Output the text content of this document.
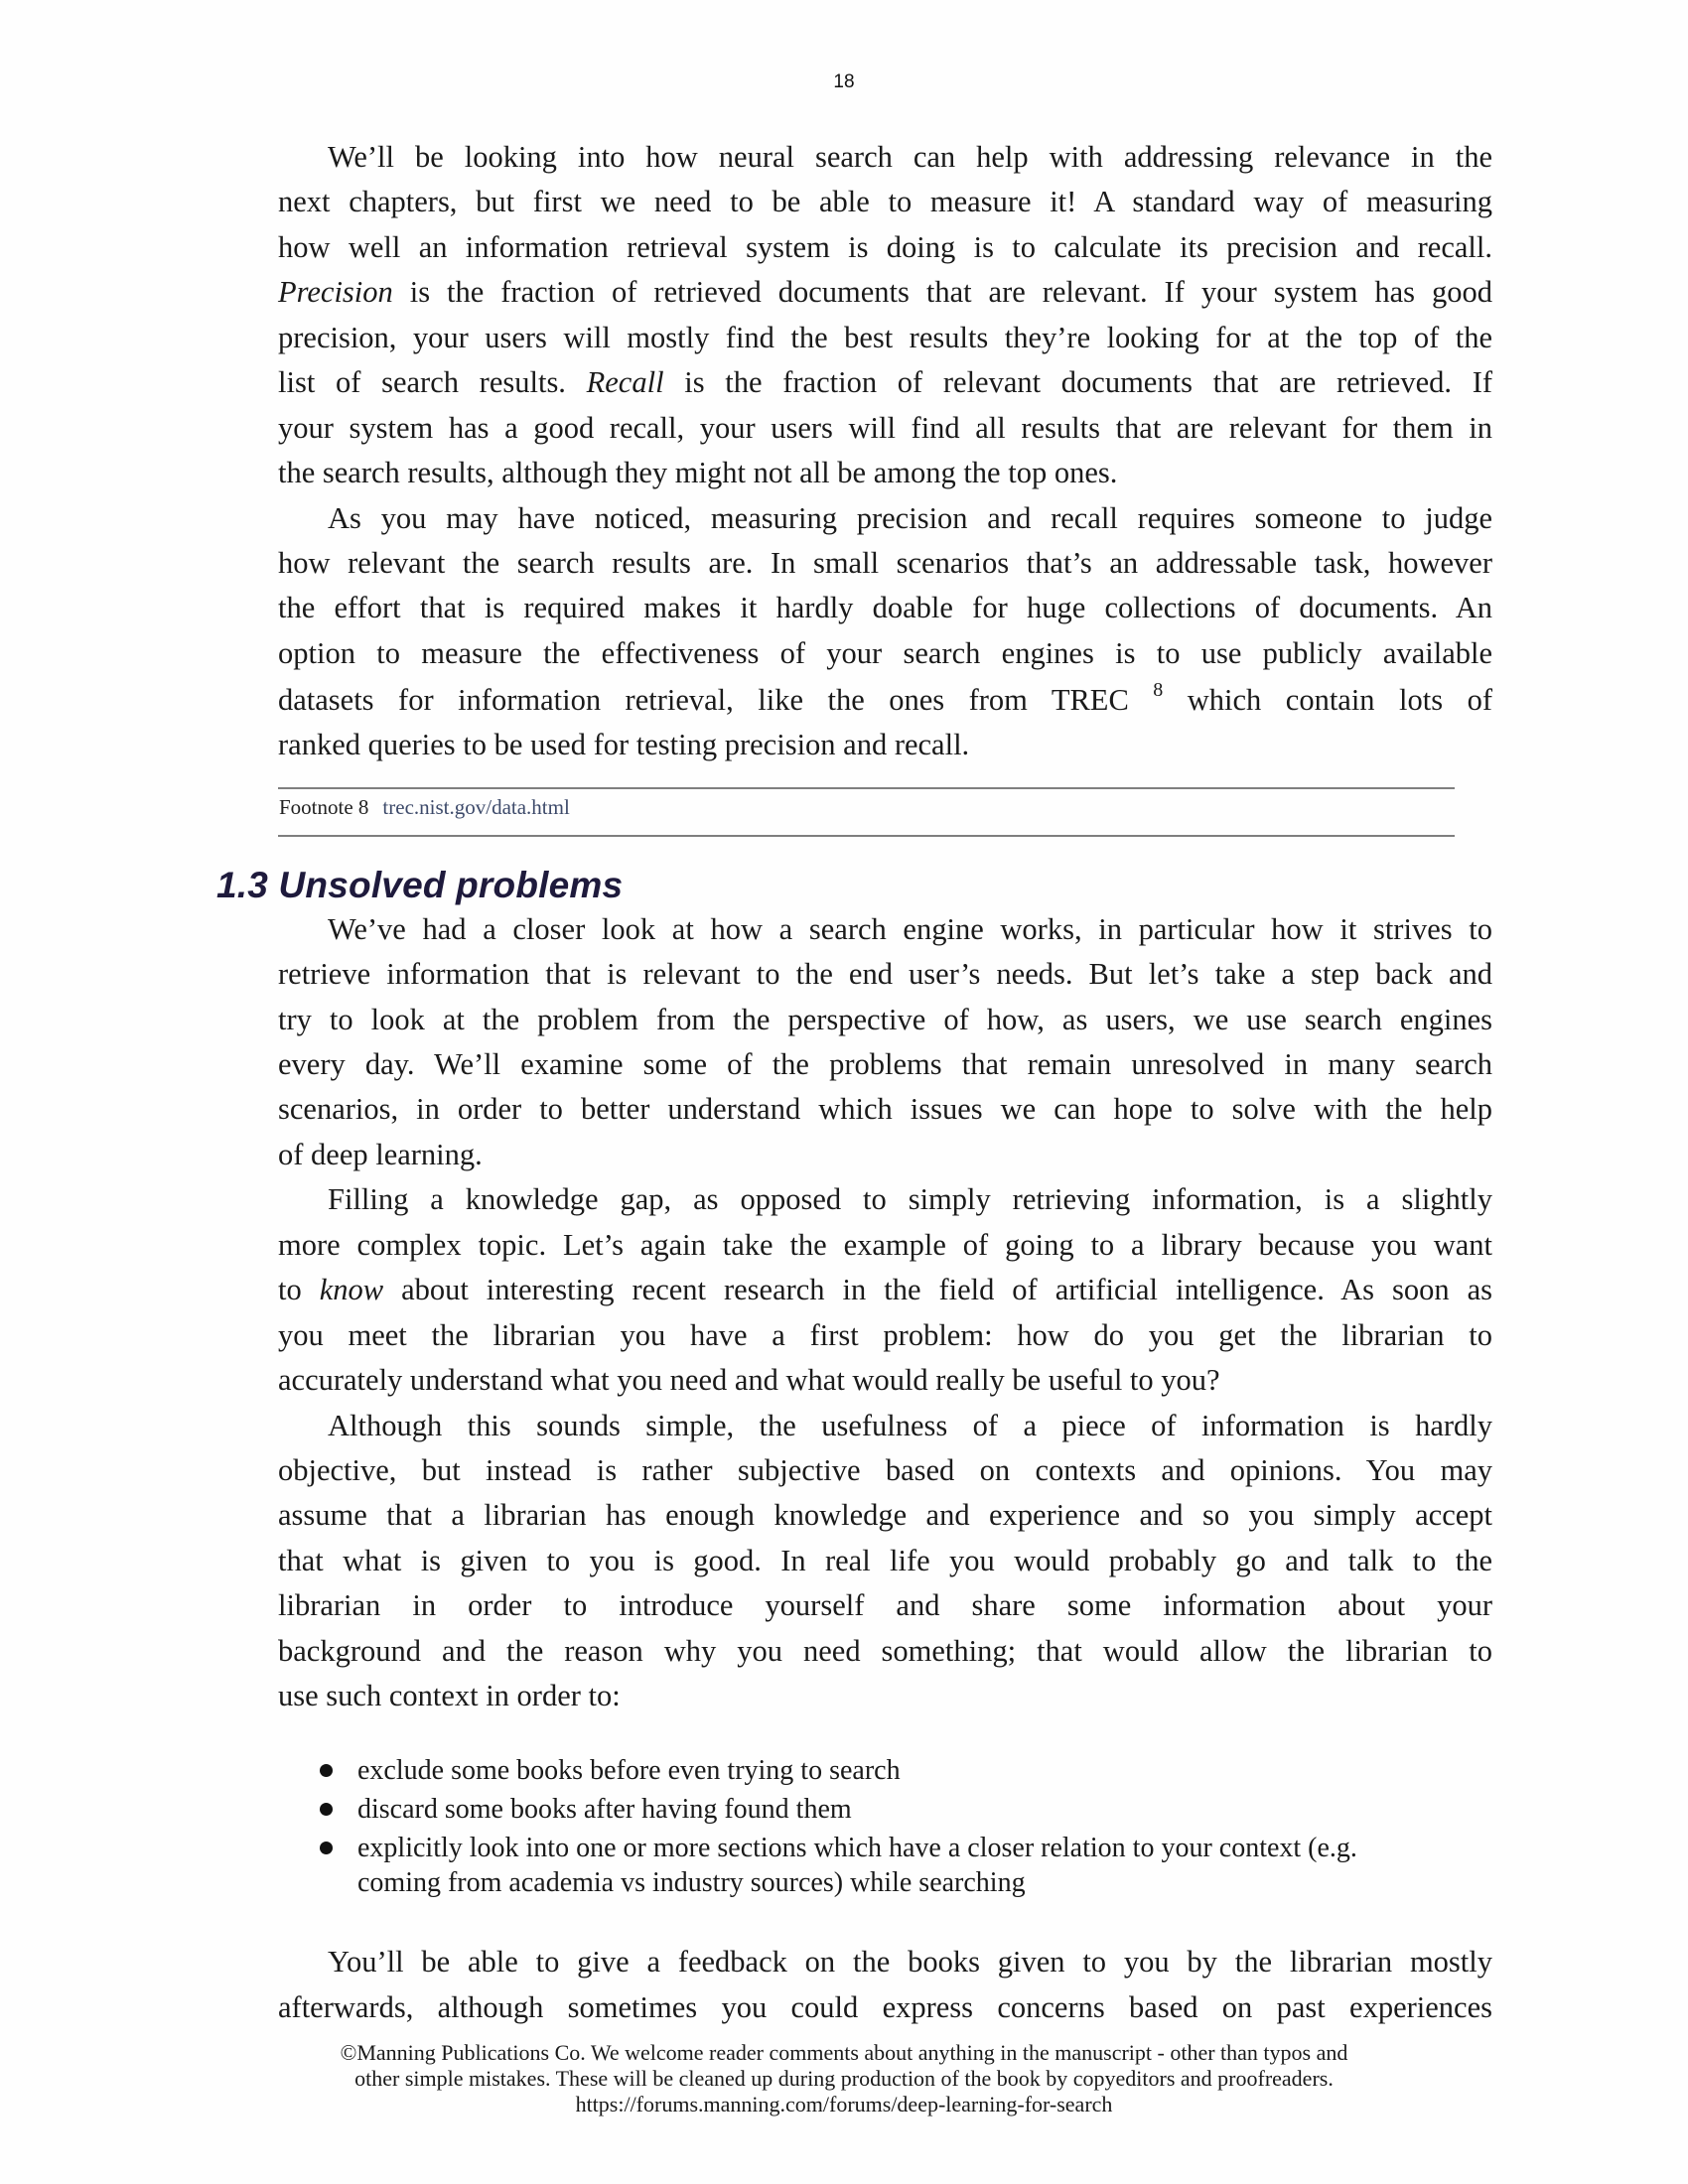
18
We’ll be looking into how neural search can help with addressing relevance in the
next chapters, but first we need to be able to measure it! A standard way of measuring
how well an information retrieval system is doing is to calculate its precision and recall.
Precision is the fraction of retrieved documents that are relevant. If your system has good
precision, your users will mostly find the best results they’re looking for at the top of the
list of search results. Recall is the fraction of relevant documents that are retrieved. If
your system has a good recall, your users will find all results that are relevant for them in
the search results, although they might not all be among the top ones.
As you may have noticed, measuring precision and recall requires someone to judge
how relevant the search results are. In small scenarios that’s an addressable task, however
the effort that is required makes it hardly doable for huge collections of documents. An
option to measure the effectiveness of your search engines is to use publicly available
datasets for information retrieval, like the ones from TREC $^8$ which contain lots of
ranked queries to be used for testing precision and recall.
Footnote 8 trec.nist.gov/data.html
1.3 Unsolved problems
We’ve had a closer look at how a search engine works, in particular how it strives to
retrieve information that is relevant to the end user’s needs. But let’s take a step back and
try to look at the problem from the perspective of how, as users, we use search engines
every day. We’ll examine some of the problems that remain unresolved in many search
scenarios, in order to better understand which issues we can hope to solve with the help
of deep learning.
Filling a knowledge gap, as opposed to simply retrieving information, is a slightly
more complex topic. Let’s again take the example of going to a library because you want
to know about interesting recent research in the field of artificial intelligence. As soon as
you meet the librarian you have a first problem: how do you get the librarian to
accurately understand what you need and what would really be useful to you?
Although this sounds simple, the usefulness of a piece of information is hardly
objective, but instead is rather subjective based on contexts and opinions. You may
assume that a librarian has enough knowledge and experience and so you simply accept
that what is given to you is good. In real life you would probably go and talk to the
librarian in order to introduce yourself and share some information about your
background and the reason why you need something; that would allow the librarian to
use such context in order to:
exclude some books before even trying to search
discard some books after having found them
explicitly look into one or more sections which have a closer relation to your context (e.g.
coming from academia vs industry sources) while searching
You’ll be able to give a feedback on the books given to you by the librarian mostly
afterwards, although sometimes you could express concerns based on past experiences
©Manning Publications Co. We welcome reader comments about anything in the manuscript - other than typos and
other simple mistakes. These will be cleaned up during production of the book by copyeditors and proofreaders.
https://forums.manning.com/forums/deep-learning-for-search
